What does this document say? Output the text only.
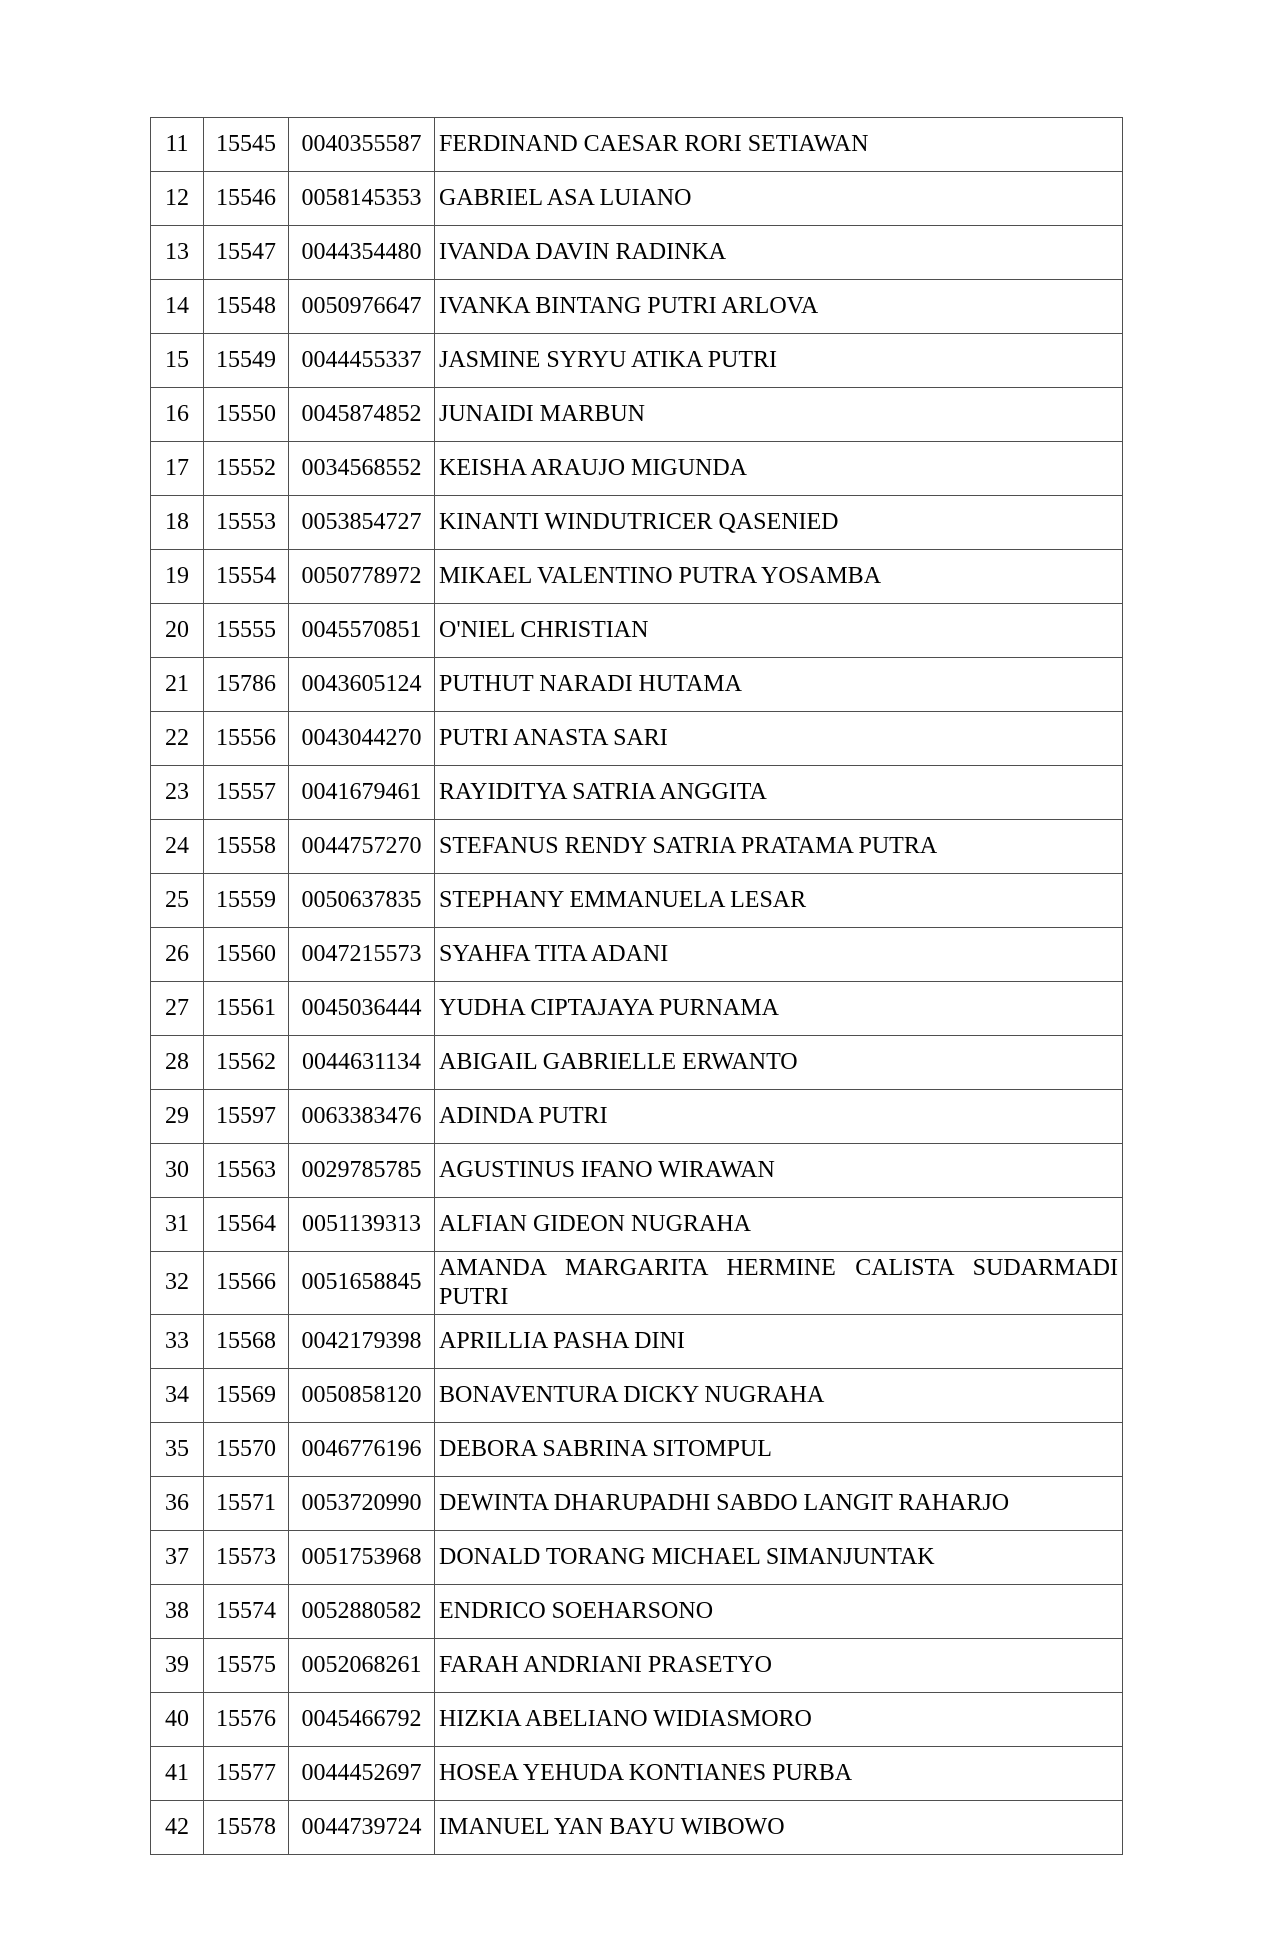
11	15545	0040355587	FERDINAND CAESAR RORI SETIAWAN
12	15546	0058145353	GABRIEL ASA LUIANO
13	15547	0044354480	IVANDA DAVIN RADINKA
14	15548	0050976647	IVANKA BINTANG PUTRI ARLOVA
15	15549	0044455337	JASMINE SYRYU ATIKA PUTRI
16	15550	0045874852	JUNAIDI MARBUN
17	15552	0034568552	KEISHA ARAUJO MIGUNDA
18	15553	0053854727	KINANTI WINDUTRICER QASENIED
19	15554	0050778972	MIKAEL VALENTINO PUTRA YOSAMBA
20	15555	0045570851	O'NIEL CHRISTIAN
21	15786	0043605124	PUTHUT NARADI HUTAMA
22	15556	0043044270	PUTRI ANASTA SARI
23	15557	0041679461	RAYIDITYA SATRIA ANGGITA
24	15558	0044757270	STEFANUS RENDY SATRIA PRATAMA PUTRA
25	15559	0050637835	STEPHANY EMMANUELA LESAR
26	15560	0047215573	SYAHFA TITA ADANI
27	15561	0045036444	YUDHA CIPTAJAYA PURNAMA
28	15562	0044631134	ABIGAIL GABRIELLE ERWANTO
29	15597	0063383476	ADINDA PUTRI
30	15563	0029785785	AGUSTINUS IFANO WIRAWAN
31	15564	0051139313	ALFIAN GIDEON NUGRAHA
32	15566	0051658845	AMANDA MARGARITA HERMINE CALISTA SUDARMADI PUTRI
33	15568	0042179398	APRILLIA PASHA DINI
34	15569	0050858120	BONAVENTURA DICKY NUGRAHA
35	15570	0046776196	DEBORA SABRINA SITOMPUL
36	15571	0053720990	DEWINTA DHARUPADHI SABDO LANGIT RAHARJO
37	15573	0051753968	DONALD TORANG MICHAEL SIMANJUNTAK
38	15574	0052880582	ENDRICO SOEHARSONO
39	15575	0052068261	FARAH ANDRIANI PRASETYO
40	15576	0045466792	HIZKIA ABELIANO WIDIASMORO
41	15577	0044452697	HOSEA YEHUDA KONTIANES PURBA
42	15578	0044739724	IMANUEL YAN BAYU WIBOWO
